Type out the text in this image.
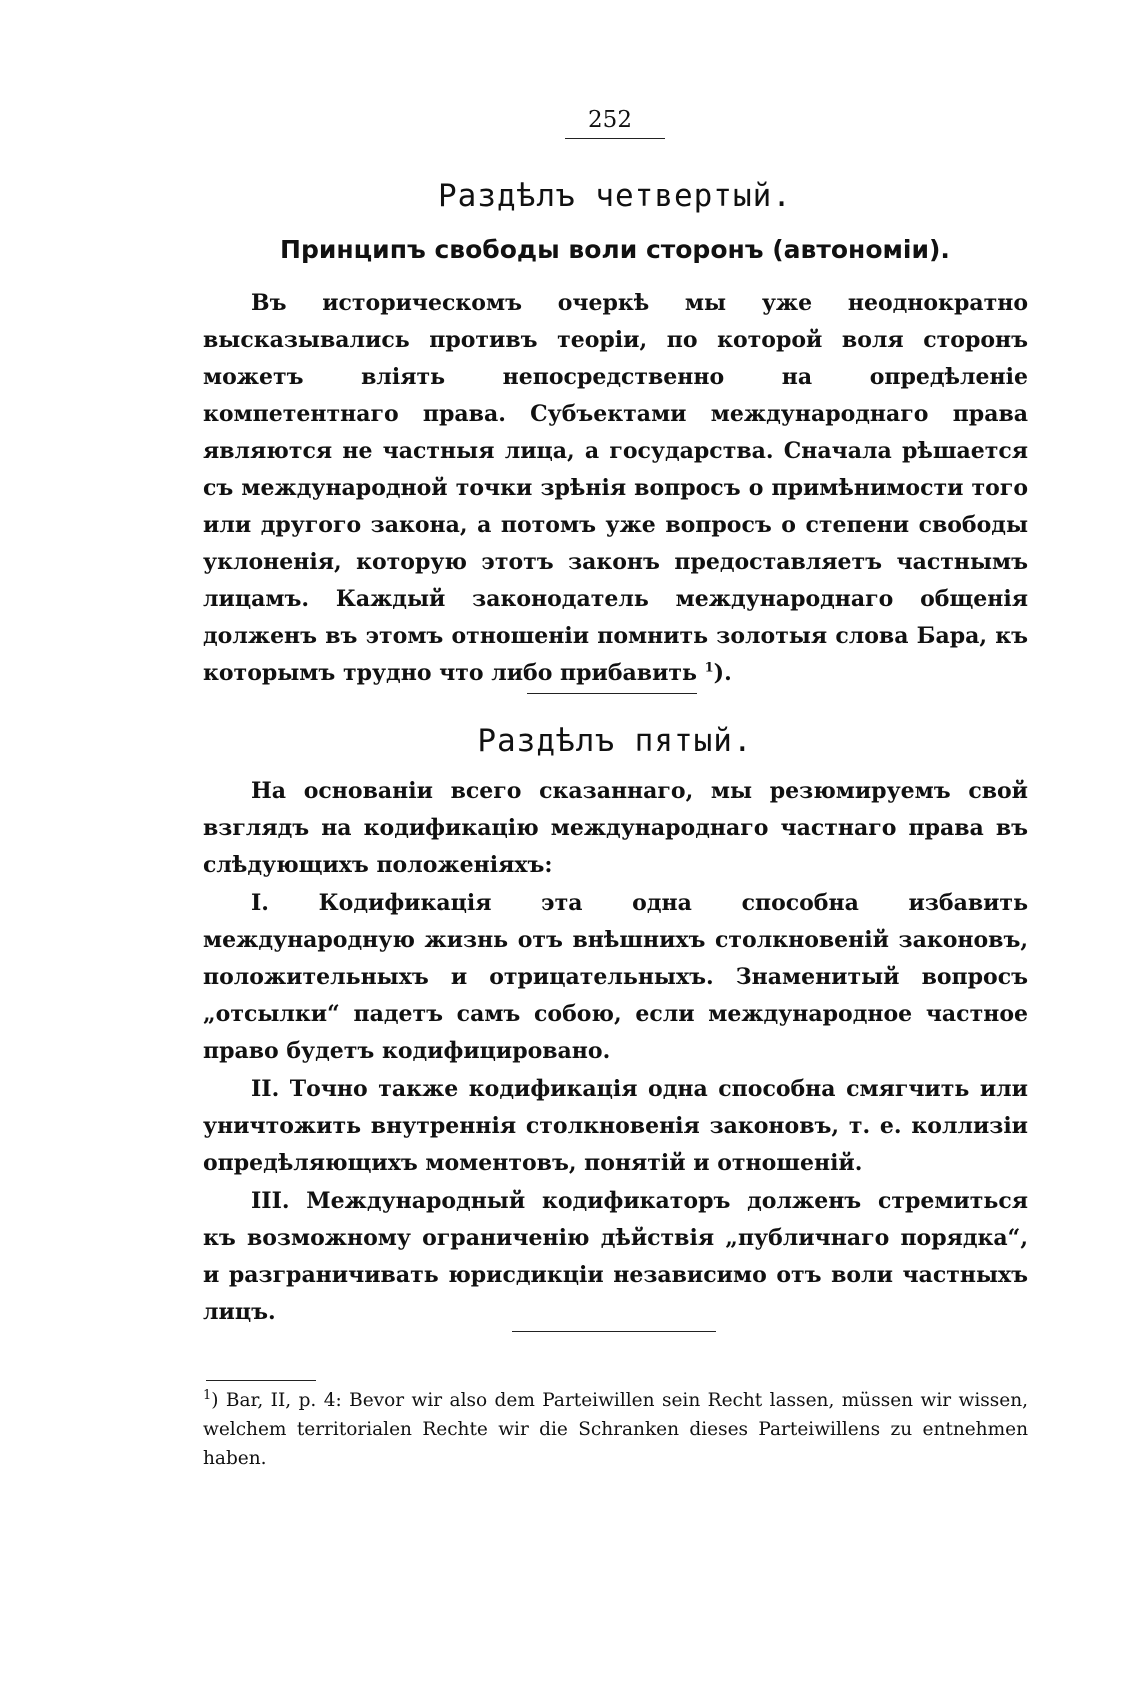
252
Раздѣлъ четвертый.
Принципъ свободы воли сторонъ (автономіи).
Въ историческомъ очеркѣ мы уже неоднократно высказывались противъ теоріи, по которой воля сторонъ можетъ вліять непосредственно на опредѣленіе компетентнаго права. Субъектами международнаго права являются не частныя лица, а государства. Сначала рѣшается съ международной точки зрѣнія вопросъ о примѣнимости того или другого закона, а потомъ уже вопросъ о степени свободы уклоненія, которую этотъ законъ предоставляетъ частнымъ лицамъ. Каждый законодатель международнаго общенія долженъ въ этомъ отношеніи помнить золотыя слова Бара, къ которымъ трудно что либо прибавить $^1$).
Раздѣлъ пятый.
На основаніи всего сказаннаго, мы резюмируемъ свой взглядъ на кодификацію международнаго частнаго права въ слѣдующихъ положеніяхъ:
I. Кодификація эта одна способна избавить международную жизнь отъ внѣшнихъ столкновеній законовъ, положительныхъ и отрицательныхъ. Знаменитый вопросъ „отсылки“ падетъ самъ собою, если международное частное право будетъ кодифицировано.
II. Точно также кодификація одна способна смягчить или уничтожить внутреннія столкновенія законовъ, т. е. коллизіи опредѣляющихъ моментовъ, понятій и отношеній.
III. Международный кодификаторъ долженъ стремиться къ возможному ограниченію дѣйствія „публичнаго порядка“, и разграничивать юрисдикціи независимо отъ воли частныхъ лицъ.
$^1$) Bar, II, p. 4: Bevor wir also dem Parteiwillen sein Recht lassen, müssen wir wissen, welchem territorialen Rechte wir die Schranken dieses Parteiwillens zu entnehmen haben.
